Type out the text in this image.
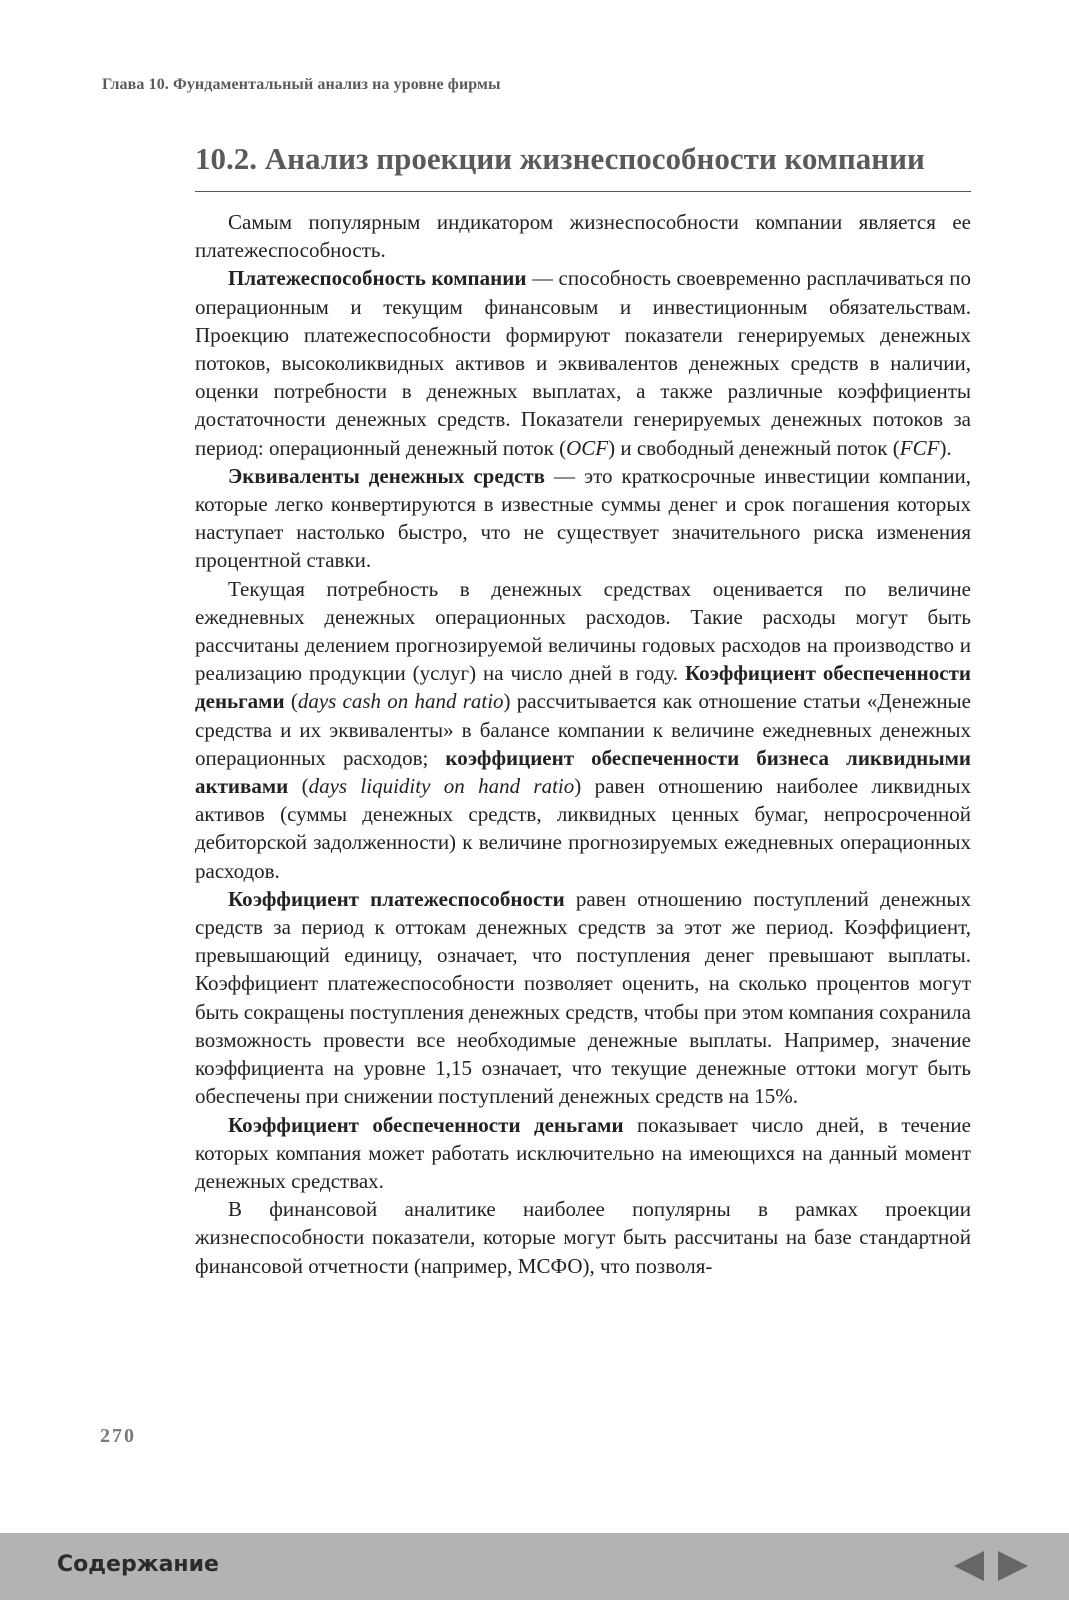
Глава 10. Фундаментальный анализ на уровне фирмы
10.2. Анализ проекции жизнеспособности компании

Самым популярным индикатором жизнеспособности компании является ее платежеспособность.

Платежеспособность компании — способность своевременно расплачиваться по операционным и текущим финансовым и инвестиционным обязательствам. Проекцию платежеспособности формируют показатели генерируемых денежных потоков, высоколиквидных активов и эквивалентов денежных средств в наличии, оценки потребности в денежных выплатах, а также различные коэффициенты достаточности денежных средств. Показатели генерируемых денежных потоков за период: операционный денежный поток (OCF) и свободный денежный поток (FCF).

Эквиваленты денежных средств — это краткосрочные инвестиции компании, которые легко конвертируются в известные суммы денег и срок погашения которых наступает настолько быстро, что не существует значительного риска изменения процентной ставки.

Текущая потребность в денежных средствах оценивается по величине ежедневных денежных операционных расходов. Такие расходы могут быть рассчитаны делением прогнозируемой величины годовых расходов на производство и реализацию продукции (услуг) на число дней в году. Коэффициент обеспеченности деньгами (days cash on hand ratio) рассчитывается как отношение статьи «Денежные средства и их эквиваленты» в балансе компании к величине ежедневных денежных операционных расходов; коэффициент обеспеченности бизнеса ликвидными активами (days liquidity on hand ratio) равен отношению наиболее ликвидных активов (суммы денежных средств, ликвидных ценных бумаг, непросроченной дебиторской задолженности) к величине прогнозируемых ежедневных операционных расходов.

Коэффициент платежеспособности равен отношению поступлений денежных средств за период к оттокам денежных средств за этот же период. Коэффициент, превышающий единицу, означает, что поступления денег превышают выплаты. Коэффициент платежеспособности позволяет оценить, на сколько процентов могут быть сокращены поступления денежных средств, чтобы при этом компания сохранила возможность провести все необходимые денежные выплаты. Например, значение коэффициента на уровне 1,15 означает, что текущие денежные оттоки могут быть обеспечены при снижении поступлений денежных средств на 15%.

Коэффициент обеспеченности деньгами показывает число дней, в течение которых компания может работать исключительно на имеющихся на данный момент денежных средствах.

В финансовой аналитике наиболее популярны в рамках проекции жизнеспособности показатели, которые могут быть рассчитаны на базе стандартной финансовой отчетности (например, МСФО), что позволя-

270
Содержание
